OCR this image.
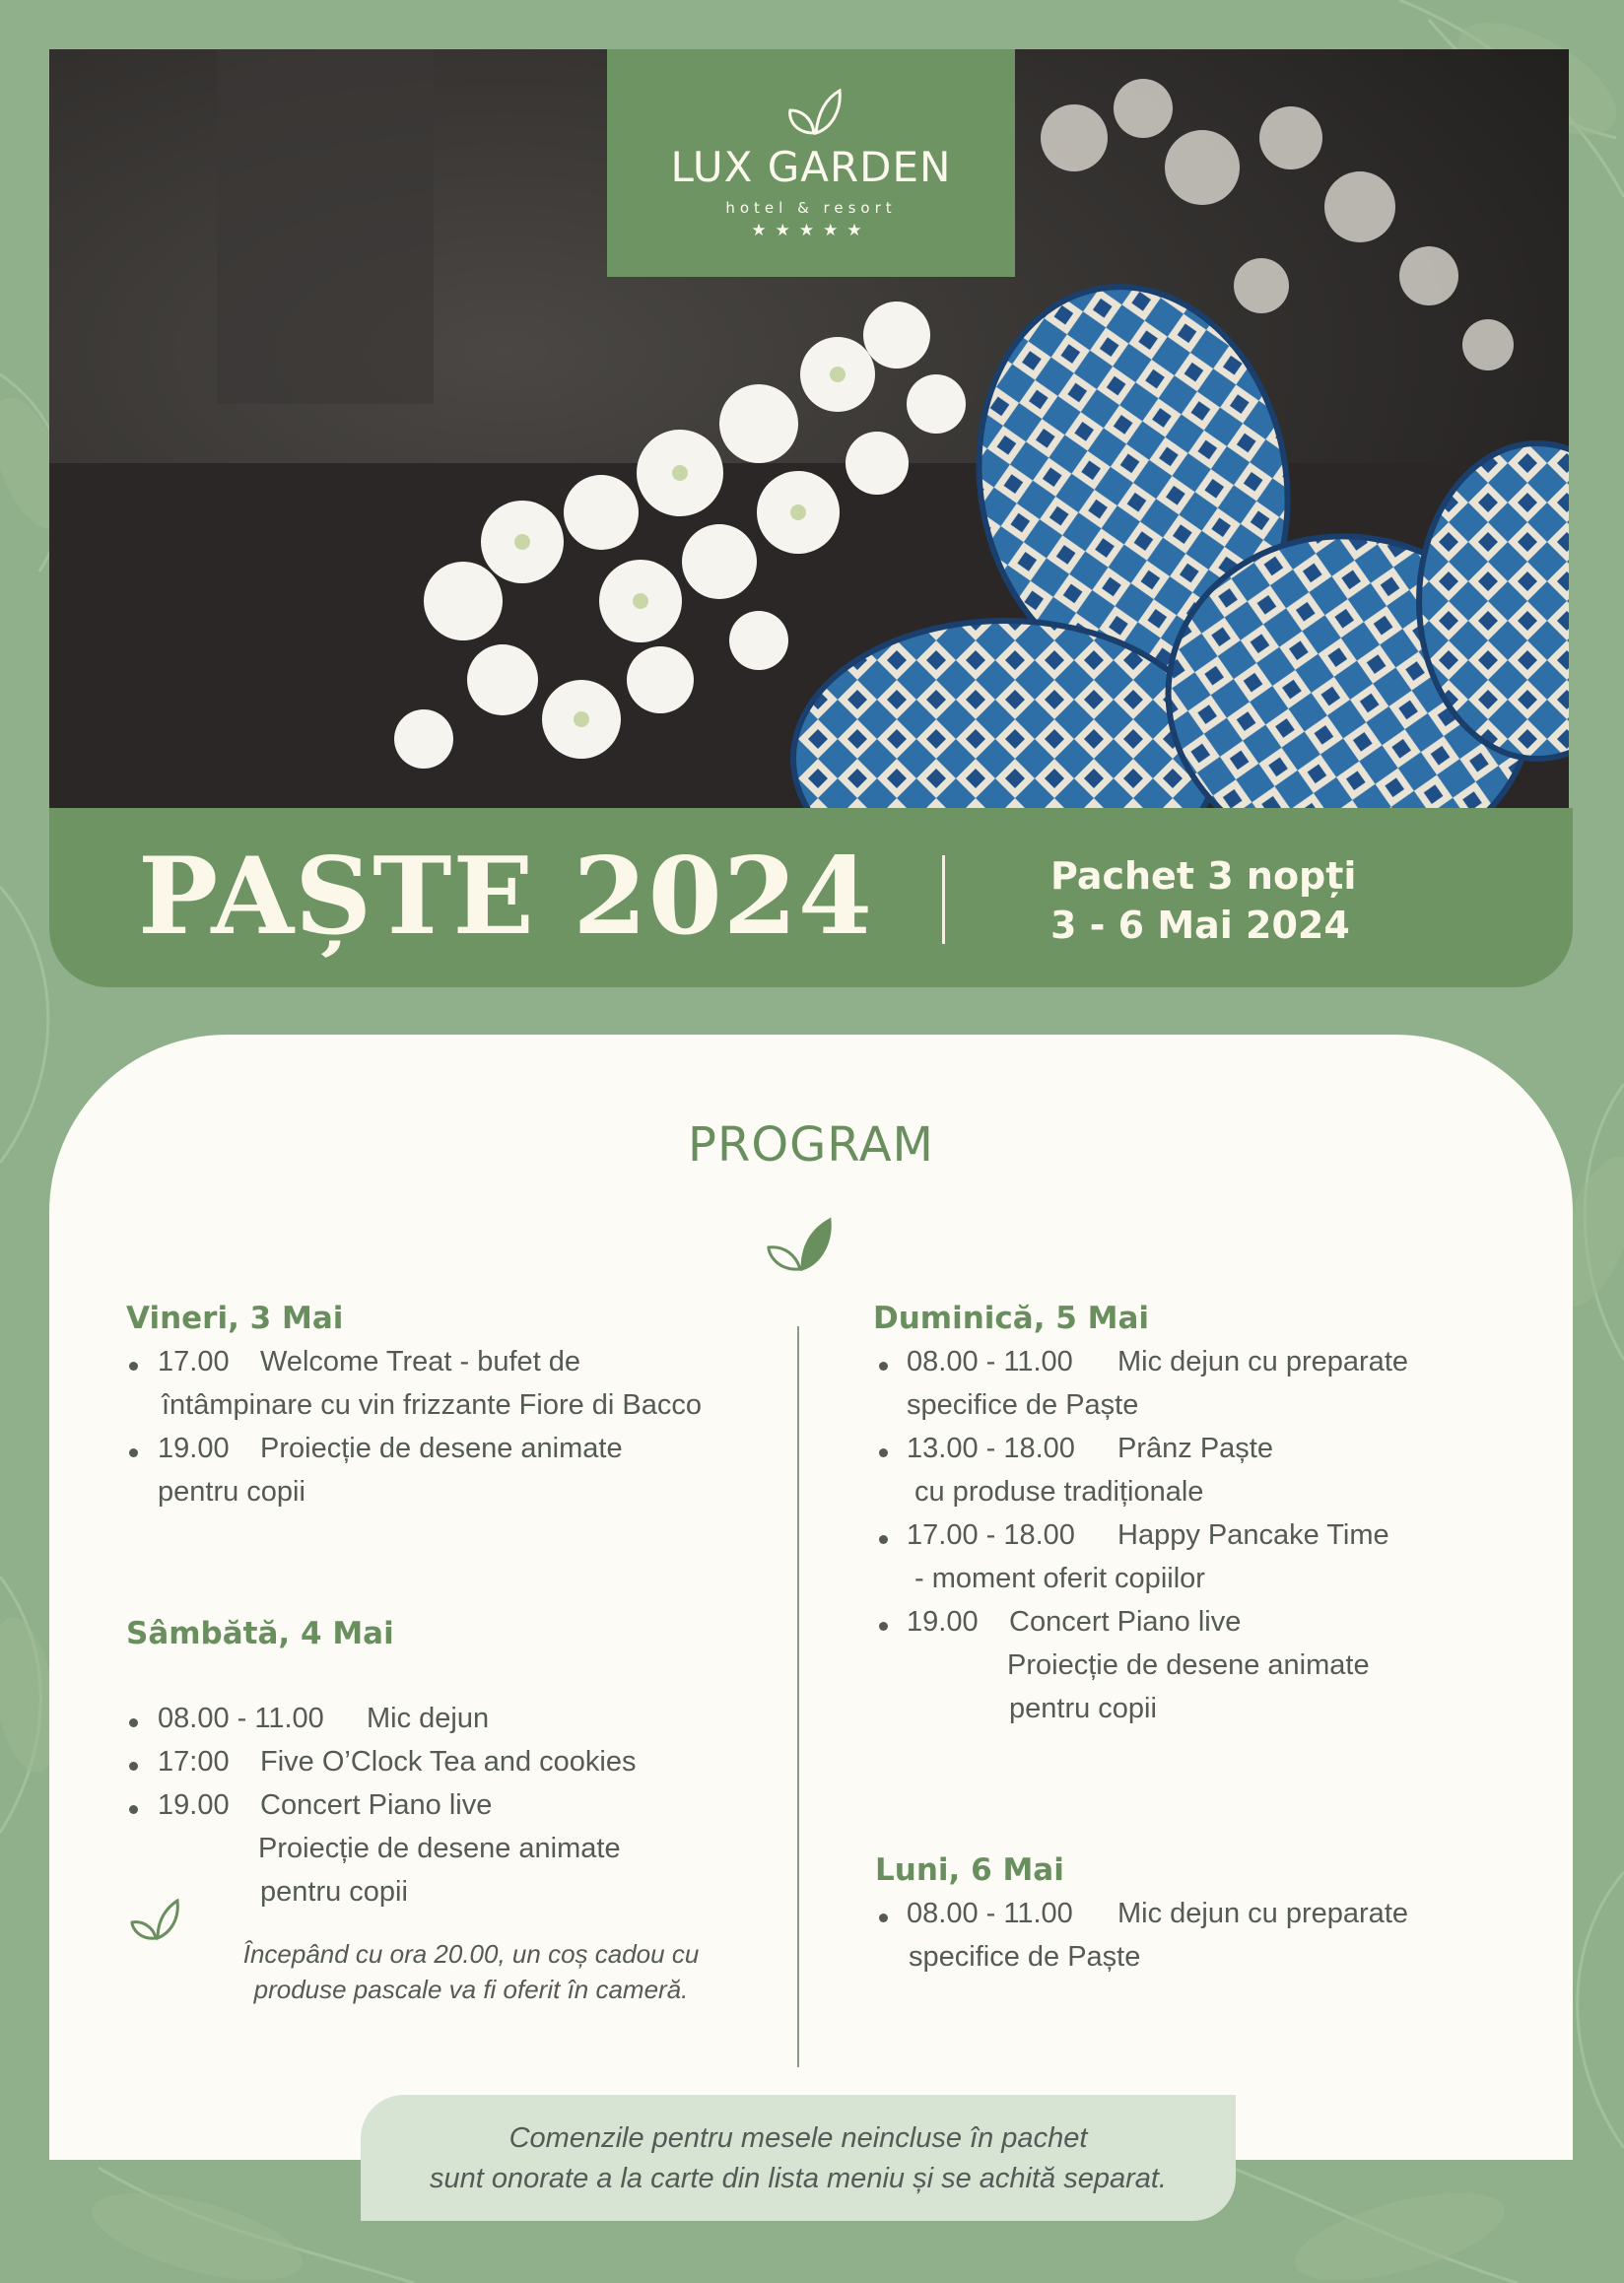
LUX GARDEN
hotel & resort
★★★★★
PAȘTE 2024	Pachet 3 nopți
3 - 6 Mai 2024
PROGRAM
Vineri, 3 Mai
17.00 Welcome Treat - bufet de
întâmpinare cu vin frizzante Fiore di Bacco
19.00 Proiecție de desene animate
pentru copii
Sâmbătă, 4 Mai
08.00 - 11.00 Mic dejun
17:00 Five O’Clock Tea and cookies
19.00 Concert Piano live
Proiecție de desene animate
pentru copii
Începând cu ora 20.00, un coș cadou cu
produse pascale va fi oferit în cameră.
Duminică, 5 Mai
08.00 - 11.00 Mic dejun cu preparate
specifice de Paște
13.00 - 18.00 Prânz Paște
cu produse tradiționale
17.00 - 18.00 Happy Pancake Time
- moment oferit copiilor
19.00 Concert Piano live
Proiecție de desene animate
pentru copii
Luni, 6 Mai
08.00 - 11.00 Mic dejun cu preparate
specifice de Paște
Comenzile pentru mesele neincluse în pachet
sunt onorate a la carte din lista meniu și se achită separat.
